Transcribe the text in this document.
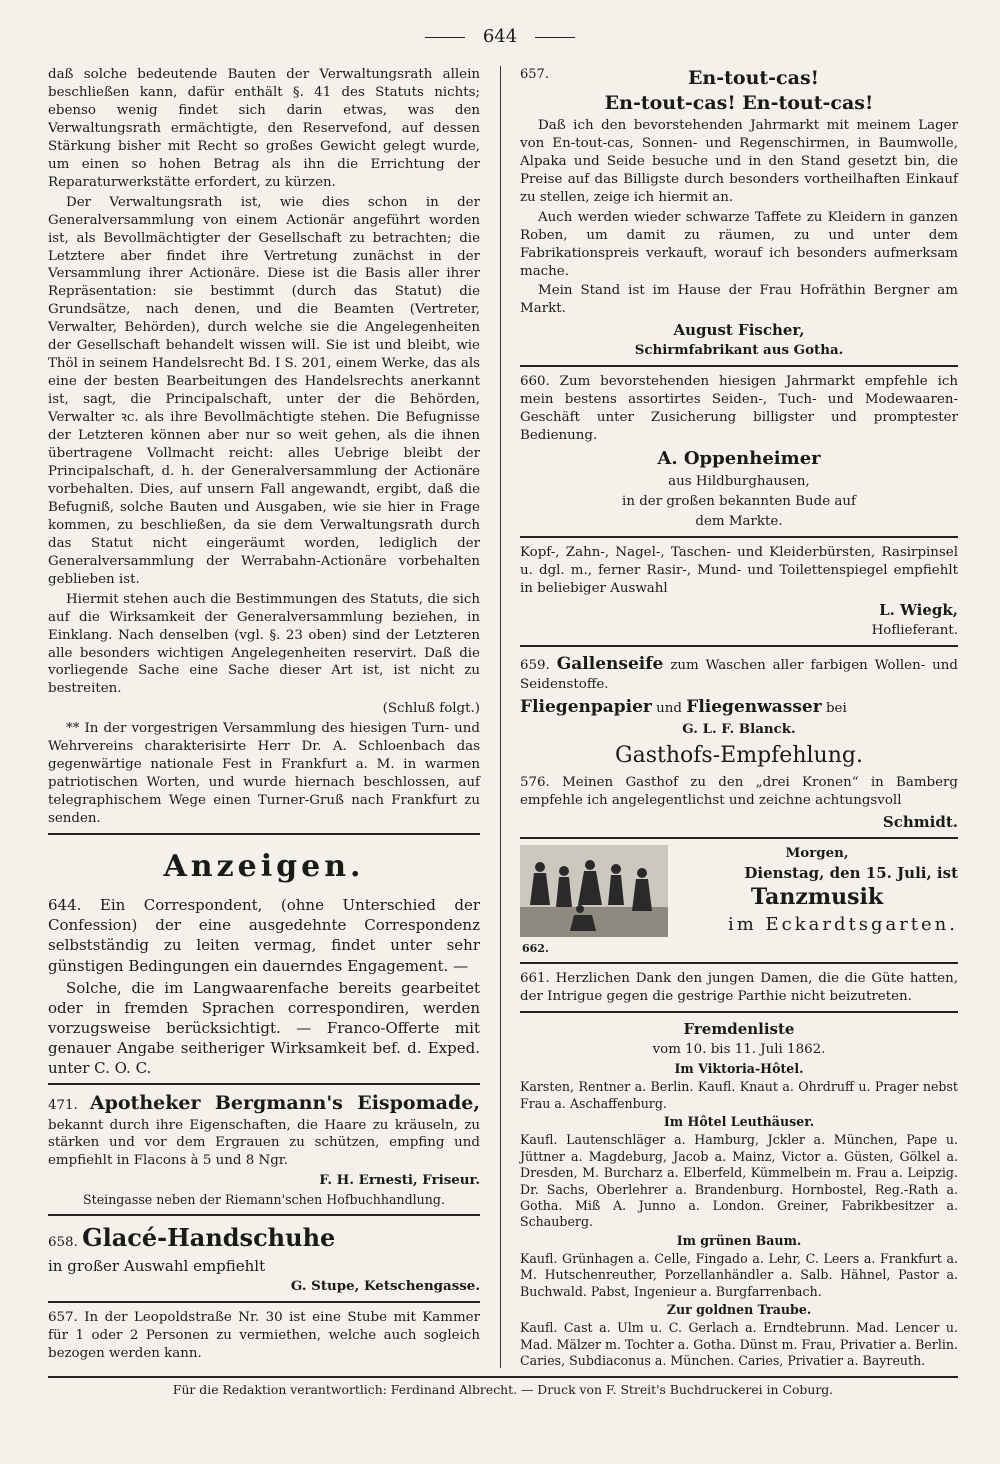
644

daß solche bedeutende Bauten der Verwaltungsrath allein beschließen kann, dafür enthält §. 41 des Statuts nichts; ebenso wenig findet sich darin etwas, was den Verwaltungsrath ermächtigte, den Reservefond, auf dessen Stärkung bisher mit Recht so großes Gewicht gelegt wurde, um einen so hohen Betrag als ihn die Errichtung der Reparaturwerkstätte erfordert, zu kürzen.

Der Verwaltungsrath ist, wie dies schon in der Generalversammlung von einem Actionär angeführt worden ist, als Bevollmächtigter der Gesellschaft zu betrachten; die Letztere aber findet ihre Vertretung zunächst in der Versammlung ihrer Actionäre. Diese ist die Basis aller ihrer Repräsentation: sie bestimmt (durch das Statut) die Grundsätze, nach denen, und die Beamten (Vertreter, Verwalter, Behörden), durch welche sie die Angelegenheiten der Gesellschaft behandelt wissen will. Sie ist und bleibt, wie Thöl in seinem Handelsrecht Bd. I S. 201, einem Werke, das als eine der besten Bearbeitungen des Handelsrechts anerkannt ist, sagt, die Principalschaft, unter der die Behörden, Verwalter ꝛc. als ihre Bevollmächtigte stehen. Die Befugnisse der Letzteren können aber nur so weit gehen, als die ihnen übertragene Vollmacht reicht: alles Uebrige bleibt der Principalschaft, d. h. der Generalversammlung der Actionäre vorbehalten. Dies, auf unsern Fall angewandt, ergibt, daß die Befugniß, solche Bauten und Ausgaben, wie sie hier in Frage kommen, zu beschließen, da sie dem Verwaltungsrath durch das Statut nicht eingeräumt worden, lediglich der Generalversammlung der Werrabahn-Actionäre vorbehalten geblieben ist.

Hiermit stehen auch die Bestimmungen des Statuts, die sich auf die Wirksamkeit der Generalversammlung beziehen, in Einklang. Nach denselben (vgl. §. 23 oben) sind der Letzteren alle besonders wichtigen Angelegenheiten reservirt. Daß die vorliegende Sache eine Sache dieser Art ist, ist nicht zu bestreiten.

(Schluß folgt.)

** In der vorgestrigen Versammlung des hiesigen Turn- und Wehrvereins charakterisirte Herr Dr. A. Schloenbach das gegenwärtige nationale Fest in Frankfurt a. M. in warmen patriotischen Worten, und wurde hiernach beschlossen, auf telegraphischem Wege einen Turner-Gruß nach Frankfurt zu senden.

Anzeigen.

644. Ein Correspondent, (ohne Unterschied der Confession) der eine ausgedehnte Correspondenz selbstständig zu leiten vermag, findet unter sehr günstigen Bedingungen ein dauerndes Engagement. —

Solche, die im Langwaarenfache bereits gearbeitet oder in fremden Sprachen correspondiren, werden vorzugsweise berücksichtigt. — Franco-Offerte mit genauer Angabe seitheriger Wirksamkeit bef. d. Exped. unter C. O. C.

471. Apotheker Bergmann's Eispomade, bekannt durch ihre Eigenschaften, die Haare zu kräuseln, zu stärken und vor dem Ergrauen zu schützen, empfing und empfiehlt in Flacons à 5 und 8 Ngr.

F. H. Ernesti, Friseur.

Steingasse neben der Riemann'schen Hofbuchhandlung.

658. Glacé-Handschuhe

in großer Auswahl empfiehlt

G. Stupe, Ketschengasse.

657. In der Leopoldstraße Nr. 30 ist eine Stube mit Kammer für 1 oder 2 Personen zu vermiethen, welche auch sogleich bezogen werden kann.

657.	En-tout-cas!

En-tout-cas! En-tout-cas!

Daß ich den bevorstehenden Jahrmarkt mit meinem Lager von En-tout-cas, Sonnen- und Regenschirmen, in Baumwolle, Alpaka und Seide besuche und in den Stand gesetzt bin, die Preise auf das Billigste durch besonders vortheilhaften Einkauf zu stellen, zeige ich hiermit an.

Auch werden wieder schwarze Taffete zu Kleidern in ganzen Roben, um damit zu räumen, zu und unter dem Fabrikationspreis verkauft, worauf ich besonders aufmerksam mache.

Mein Stand ist im Hause der Frau Hofräthin Bergner am Markt.

August Fischer,

Schirmfabrikant aus Gotha.

660. Zum bevorstehenden hiesigen Jahrmarkt empfehle ich mein bestens assortirtes Seiden-, Tuch- und Modewaaren-Geschäft unter Zusicherung billigster und promptester Bedienung.

A. Oppenheimer

aus Hildburghausen,

in der großen bekannten Bude auf

dem Markte.

Kopf-, Zahn-, Nagel-, Taschen- und Kleiderbürsten, Rasirpinsel u. dgl. m., ferner Rasir-, Mund- und Toilettenspiegel empfiehlt in beliebiger Auswahl

L. Wiegk,

Hoflieferant.

659. Gallenseife zum Waschen aller farbigen Wollen- und Seidenstoffe.

Fliegenpapier und Fliegenwasser bei

G. L. F. Blanck.

Gasthofs-Empfehlung.

576. Meinen Gasthof zu den „drei Kronen“ in Bamberg empfehle ich angelegentlichst und zeichne achtungsvoll

Schmidt.

Morgen,
Dienstag, den 15. Juli, ist
Tanzmusik
im Eckardtsgarten.
662.

661. Herzlichen Dank den jungen Damen, die die Güte hatten, der Intrigue gegen die gestrige Parthie nicht beizutreten.

Fremdenliste

vom 10. bis 11. Juli 1862.

Im Viktoria-Hôtel.

Karsten, Rentner a. Berlin. Kaufl. Knaut a. Ohrdruff u. Prager nebst Frau a. Aschaffenburg.

Im Hôtel Leuthäuser.

Kaufl. Lautenschläger a. Hamburg, Jckler a. München, Pape u. Jüttner a. Magdeburg, Jacob a. Mainz, Victor a. Güsten, Gölkel a. Dresden, M. Burcharz a. Elberfeld, Kümmelbein m. Frau a. Leipzig. Dr. Sachs, Oberlehrer a. Brandenburg. Hornbostel, Reg.-Rath a. Gotha. Miß A. Junno a. London. Greiner, Fabrikbesitzer a. Schauberg.

Im grünen Baum.

Kaufl. Grünhagen a. Celle, Fingado a. Lehr, C. Leers a. Frankfurt a. M. Hutschenreuther, Porzellanhändler a. Salb. Hähnel, Pastor a. Buchwald. Pabst, Ingenieur a. Burgfarrenbach.

Zur goldnen Traube.

Kaufl. Cast a. Ulm u. C. Gerlach a. Erndtebrunn. Mad. Lencer u. Mad. Mälzer m. Tochter a. Gotha. Dünst m. Frau, Privatier a. Berlin. Caries, Subdiaconus a. München. Caries, Privatier a. Bayreuth.

Für die Redaktion verantwortlich: Ferdinand Albrecht. — Druck von F. Streit's Buchdruckerei in Coburg.
